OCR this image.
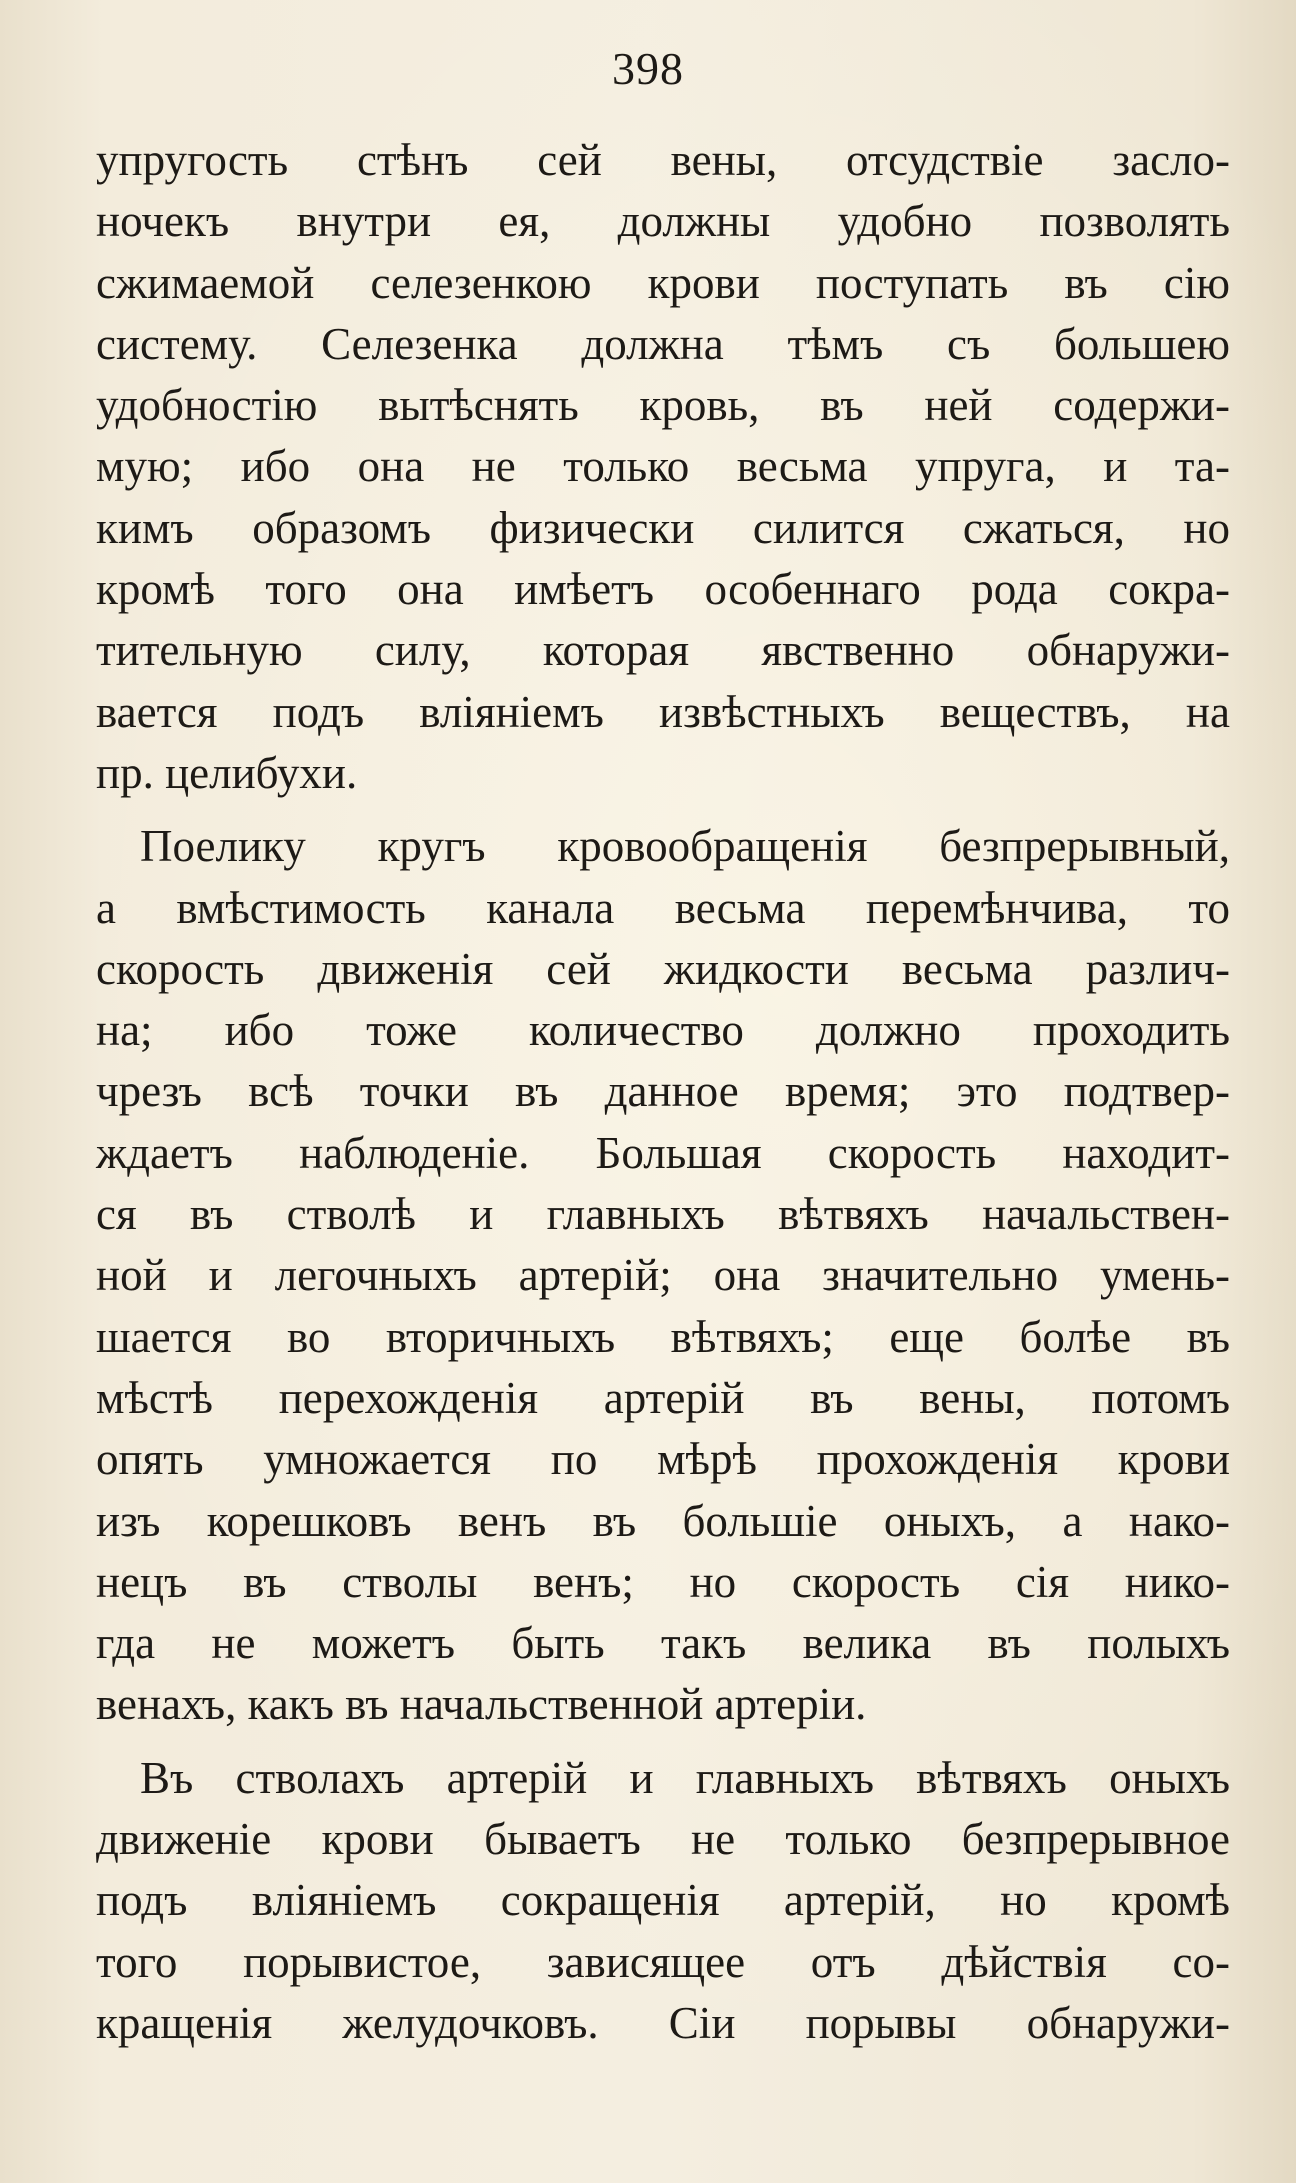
398
упругость стѣнъ сей вены, отсудствіе засло-
ночекъ внутри ея, должны удобно позволять
сжимаемой селезенкою крови поступать въ сію
систему. Селезенка должна тѣмъ съ большею
удобностію вытѣснять кровь, въ ней содержи-
мую; ибо она не только весьма упруга, и та-
кимъ образомъ физически силится сжаться, но
кромѣ того она имѣетъ особеннаго рода сокра-
тительную силу, которая явственно обнаружи-
вается подъ вліяніемъ извѣстныхъ веществъ, на
пр. целибухи.
Поелику кругъ кровообращенія безпрерывный,
а вмѣстимость канала весьма перемѣнчива, то
скорость движенія сей жидкости весьма различ-
на; ибо тоже количество должно проходить
чрезъ всѣ точки въ данное время; это подтвер-
ждаетъ наблюденіе. Большая скорость находит-
ся въ стволѣ и главныхъ вѣтвяхъ начальствен-
ной и легочныхъ артерій; она значительно умень-
шается во вторичныхъ вѣтвяхъ; еще болѣе въ
мѣстѣ перехожденія артерій въ вены, потомъ
опять умножается по мѣрѣ прохожденія крови
изъ корешковъ венъ въ большіе оныхъ, а нако-
нецъ въ стволы венъ; но скорость сія нико-
гда не можетъ быть такъ велика въ полыхъ
венахъ, какъ въ начальственной артеріи.
Въ стволахъ артерій и главныхъ вѣтвяхъ оныхъ
движеніе крови бываетъ не только безпрерывное
подъ вліяніемъ сокращенія артерій, но кромѣ
того порывистое, зависящее отъ дѣйствія со-
кращенія желудочковъ. Сіи порывы обнаружи-
